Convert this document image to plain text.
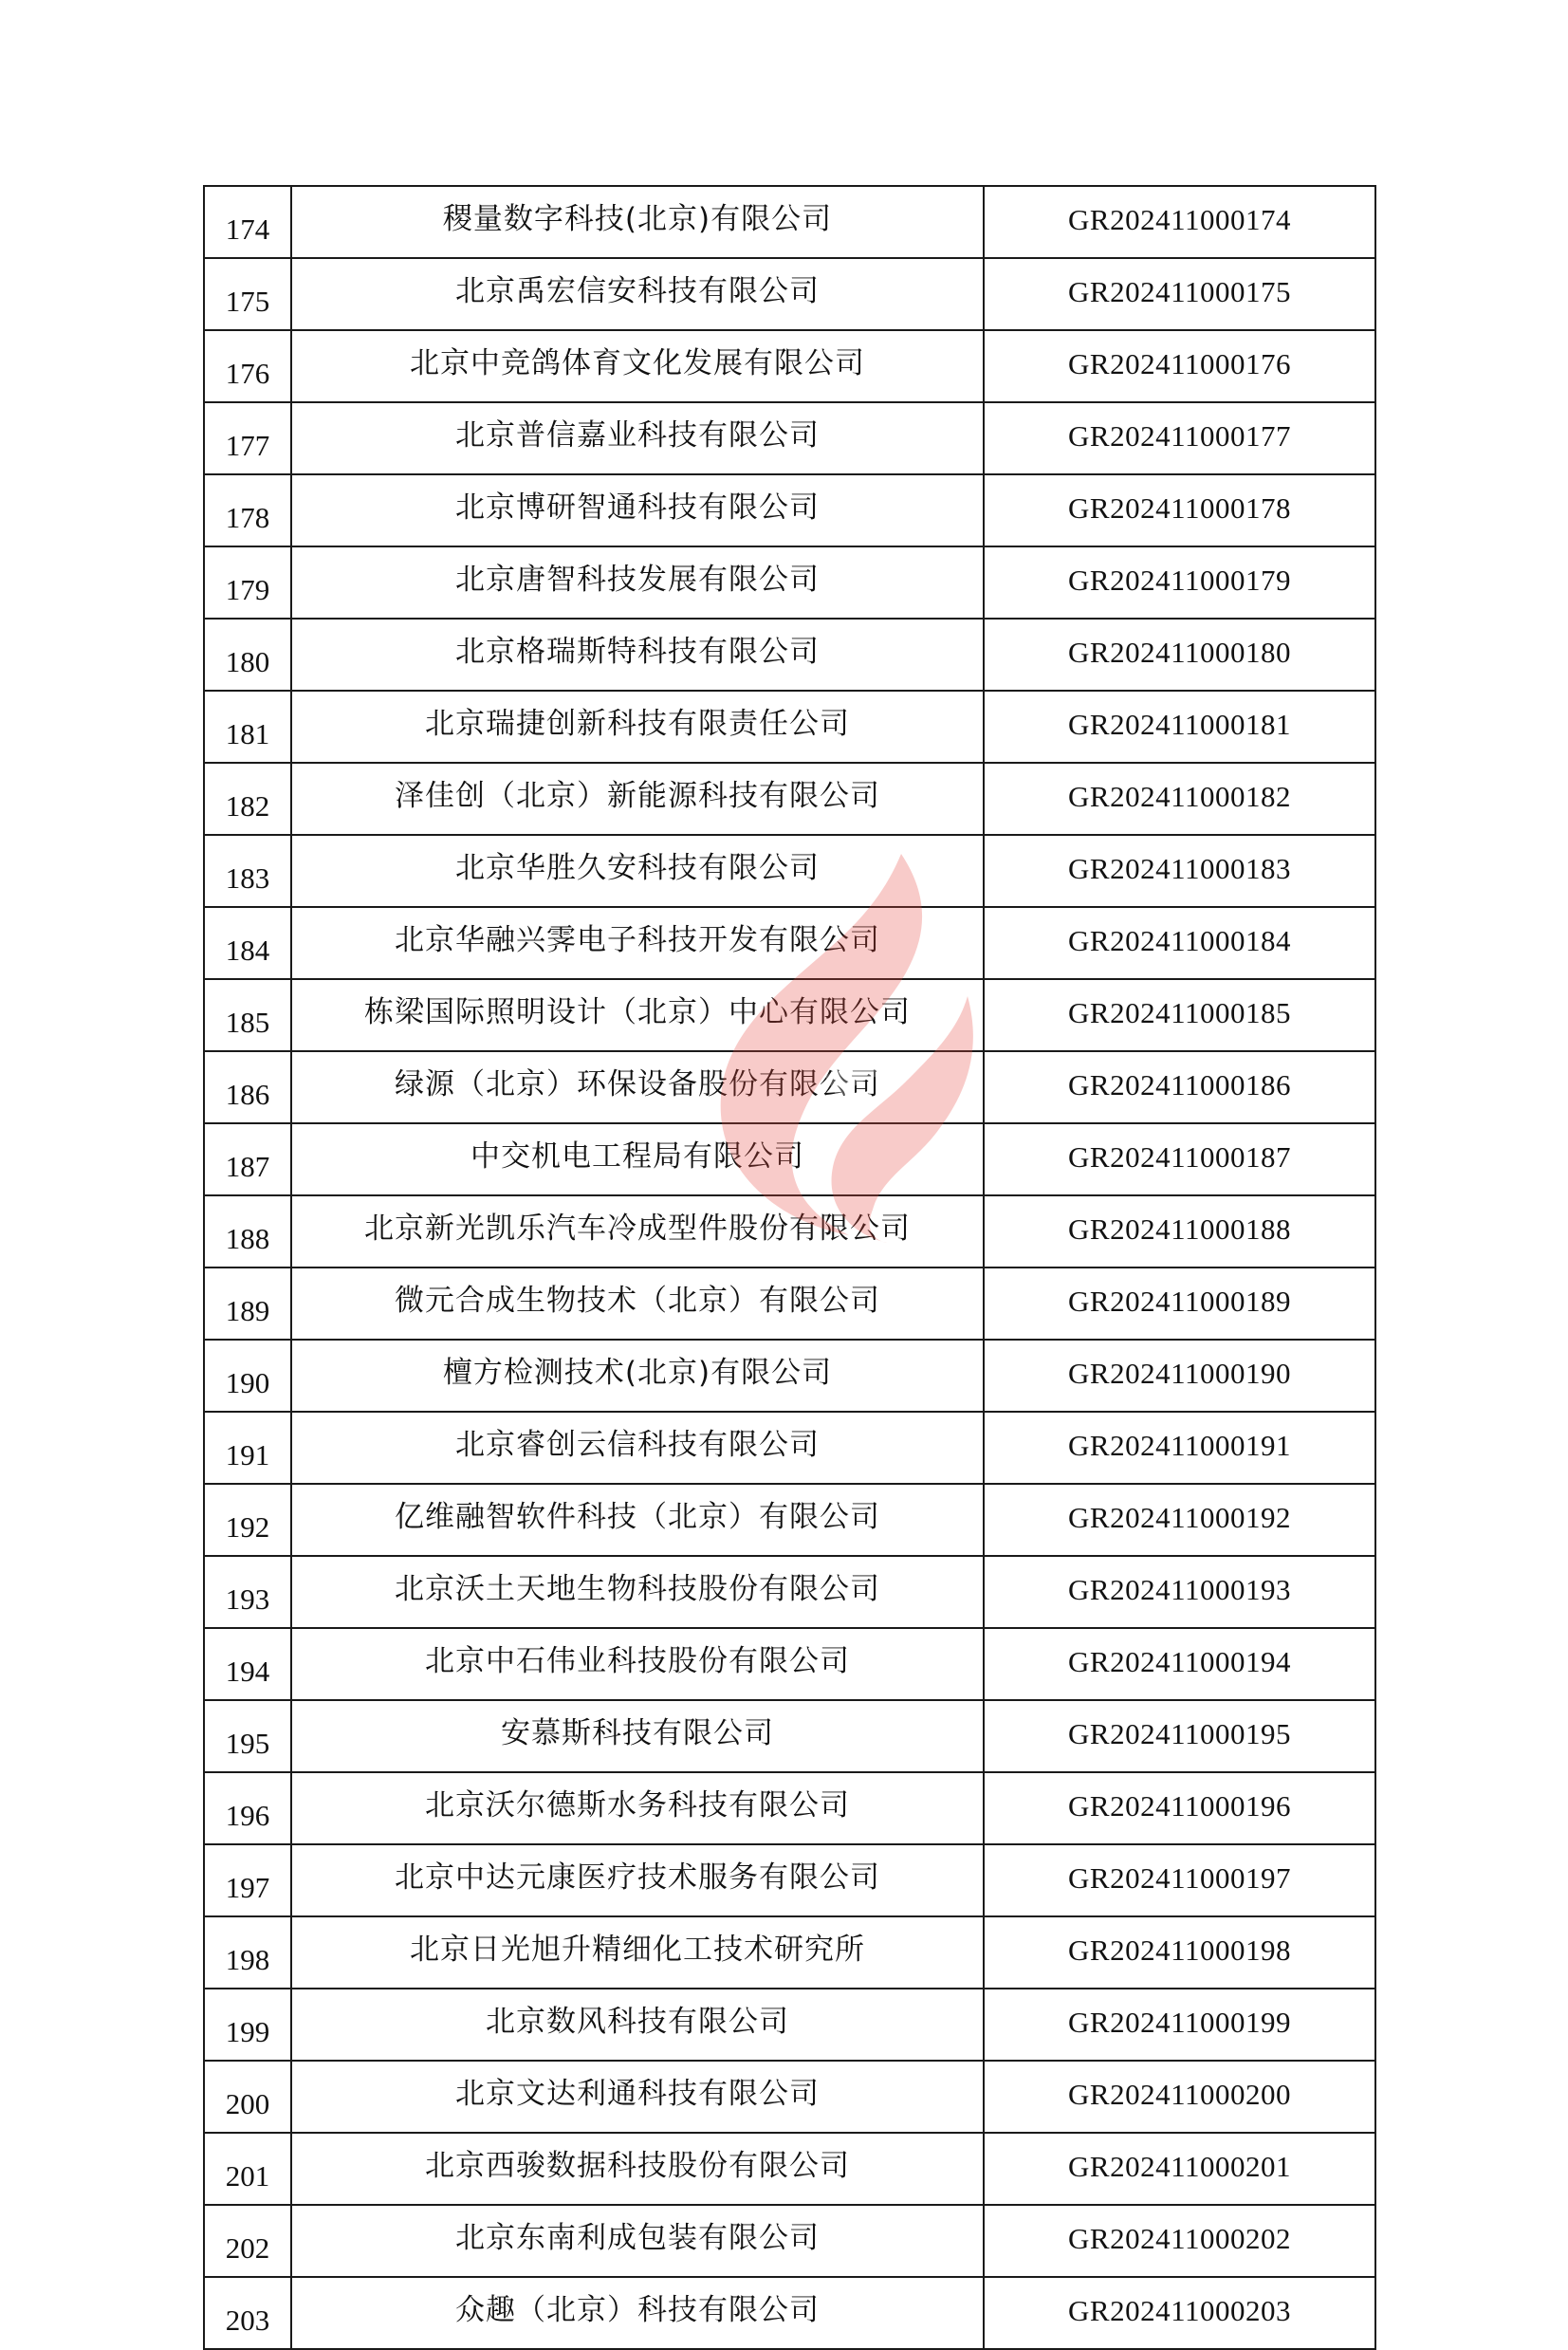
174	稷量数字科技(北京)有限公司	GR202411000174
175	北京禹宏信安科技有限公司	GR202411000175
176	北京中竞鸽体育文化发展有限公司	GR202411000176
177	北京普信嘉业科技有限公司	GR202411000177
178	北京博研智通科技有限公司	GR202411000178
179	北京唐智科技发展有限公司	GR202411000179
180	北京格瑞斯特科技有限公司	GR202411000180
181	北京瑞捷创新科技有限责任公司	GR202411000181
182	泽佳创（北京）新能源科技有限公司	GR202411000182
183	北京华胜久安科技有限公司	GR202411000183
184	北京华融兴霁电子科技开发有限公司	GR202411000184
185	栋梁国际照明设计（北京）中心有限公司	GR202411000185
186	绿源（北京）环保设备股份有限公司	GR202411000186
187	中交机电工程局有限公司	GR202411000187
188	北京新光凯乐汽车冷成型件股份有限公司	GR202411000188
189	微元合成生物技术（北京）有限公司	GR202411000189
190	檀方检测技术(北京)有限公司	GR202411000190
191	北京睿创云信科技有限公司	GR202411000191
192	亿维融智软件科技（北京）有限公司	GR202411000192
193	北京沃土天地生物科技股份有限公司	GR202411000193
194	北京中石伟业科技股份有限公司	GR202411000194
195	安慕斯科技有限公司	GR202411000195
196	北京沃尔德斯水务科技有限公司	GR202411000196
197	北京中达元康医疗技术服务有限公司	GR202411000197
198	北京日光旭升精细化工技术研究所	GR202411000198
199	北京数风科技有限公司	GR202411000199
200	北京文达利通科技有限公司	GR202411000200
201	北京西骏数据科技股份有限公司	GR202411000201
202	北京东南利成包装有限公司	GR202411000202
203	众趣（北京）科技有限公司	GR202411000203
